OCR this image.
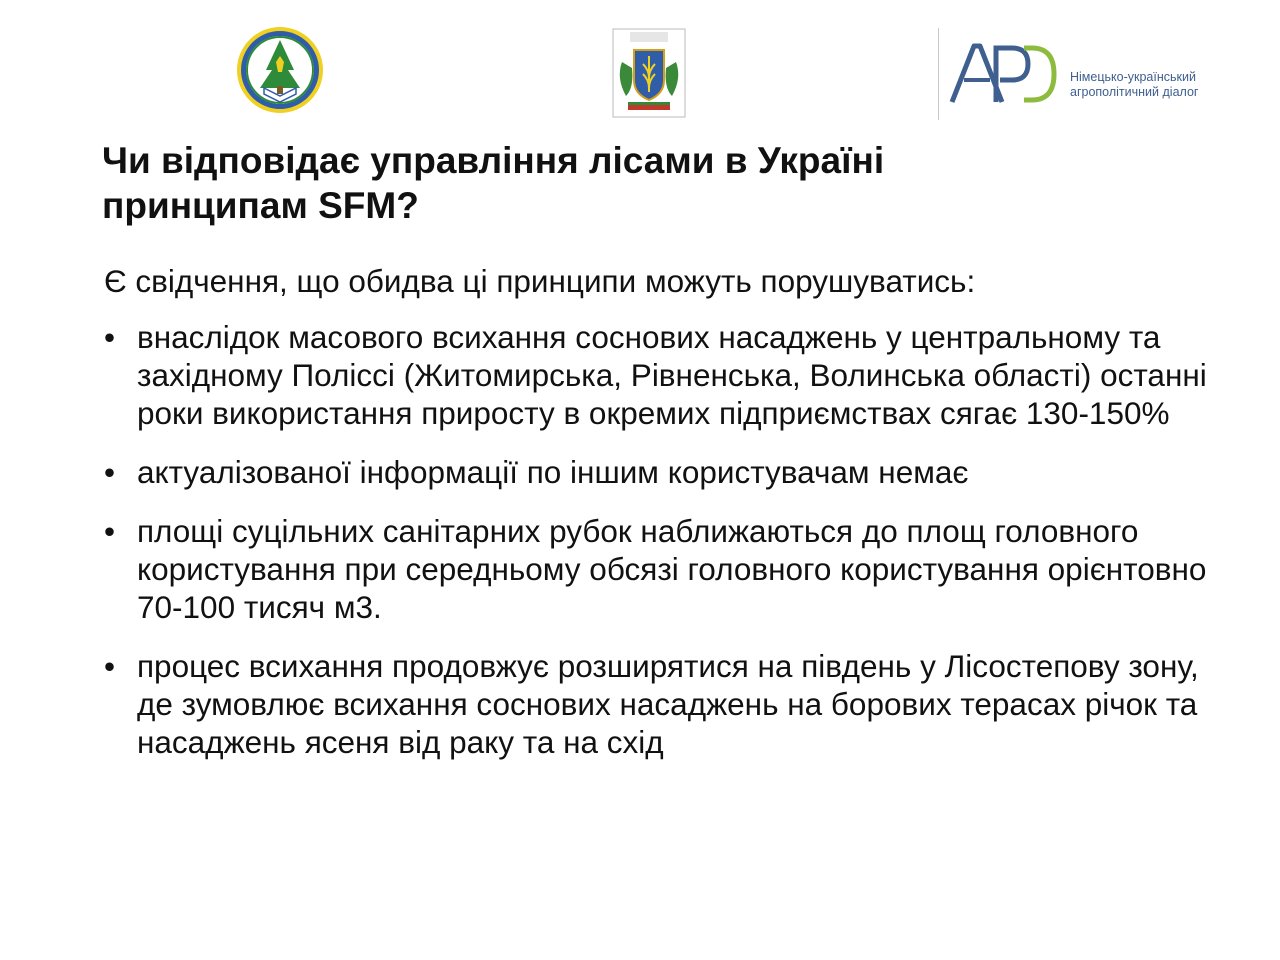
Німецько-український
агрополітичний діалог
Чи відповідає управління лісами в Україні
принципам SFM?

Є свідчення, що обидва ці принципи можуть порушуватись:

• внаслідок масового всихання соснових насаджень у центральному та західному Поліссі (Житомирська, Рівненська, Волинська області) останні роки використання приросту в окремих підприємствах сягає 130-150%
• актуалізованої інформації по іншим користувачам немає
• площі суцільних санітарних рубок наближаються до площ головного користування при середньому обсязі головного користування орієнтовно 70-100 тисяч м3.
• процес всихання продовжує розширятися на південь у Лісостепову зону, де зумовлює всихання соснових насаджень на борових терасах річок та насаджень ясеня від раку та на схід
